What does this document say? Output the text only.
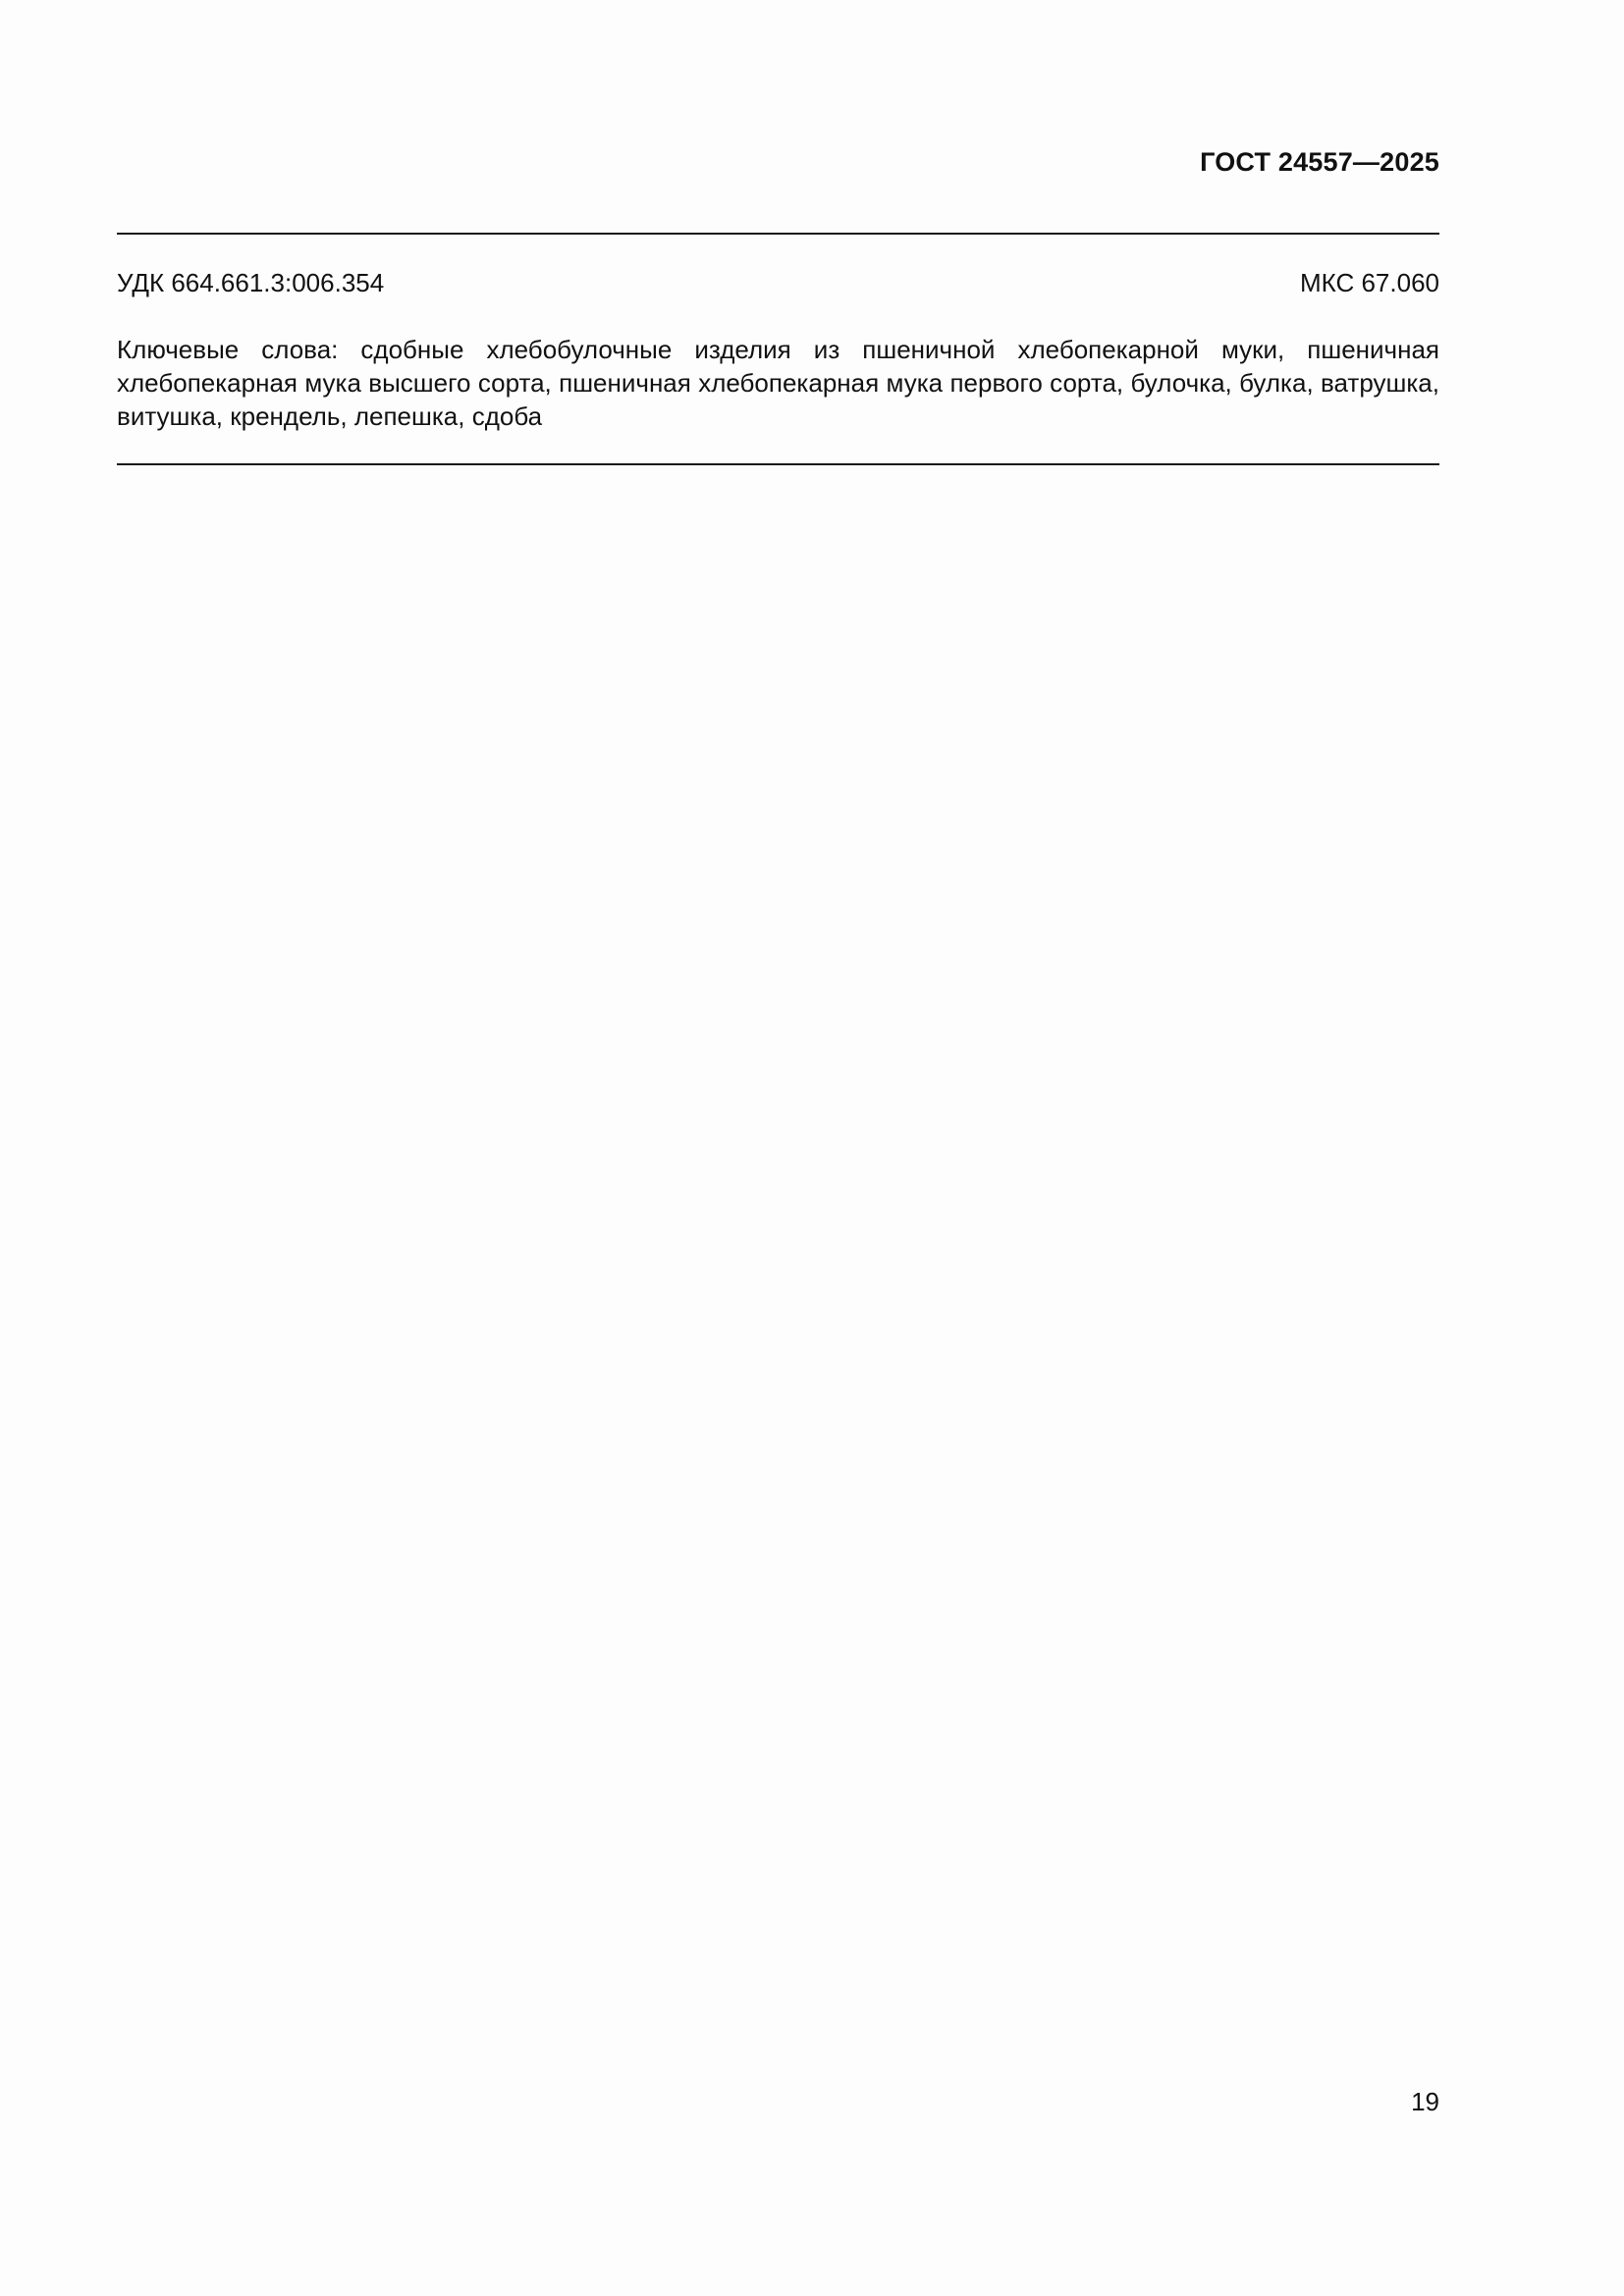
ГОСТ 24557—2025
УДК 664.661.3:006.354	МКС 67.060

Ключевые слова: сдобные хлебобулочные изделия из пшеничной хлебопекарной муки, пшеничная хлебопекарная мука высшего сорта, пшеничная хлебопекарная мука первого сорта, булочка, булка, ватрушка, витушка, крендель, лепешка, сдоба

19
